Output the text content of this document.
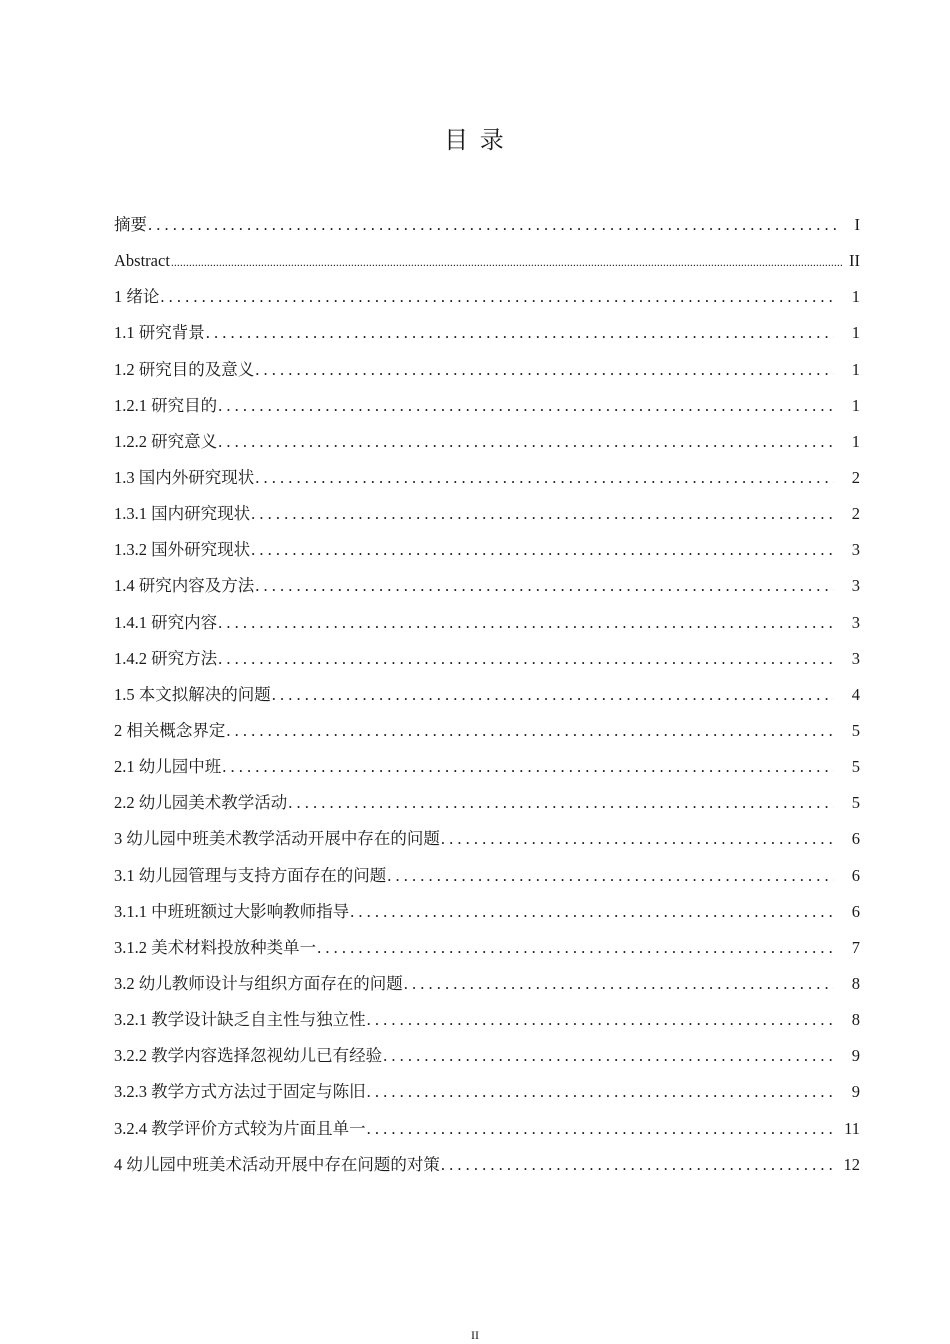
目 录
摘要 . . .	I
Abstract .....	II
1 绪论 . . .	1
1.1 研究背景 . . .	1
1.2 研究目的及意义 . . .	1
1.2.1 研究目的 . . .	1
1.2.2 研究意义 . . .	1
1.3 国内外研究现状 . . .	2
1.3.1 国内研究现状 . . .	2
1.3.2 国外研究现状 . . .	3
1.4 研究内容及方法 . . .	3
1.4.1 研究内容 . . .	3
1.4.2 研究方法 . . .	3
1.5 本文拟解决的问题 . . .	4
2 相关概念界定 . . .	5
2.1 幼儿园中班 . . .	5
2.2 幼儿园美术教学活动 . . .	5
3 幼儿园中班美术教学活动开展中存在的问题 . . .	6
3.1 幼儿园管理与支持方面存在的问题 . . .	6
3.1.1 中班班额过大影响教师指导 . . .	6
3.1.2 美术材料投放种类单一 . . .	7
3.2 幼儿教师设计与组织方面存在的问题 . . .	8
3.2.1 教学设计缺乏自主性与独立性 . . .	8
3.2.2 教学内容选择忽视幼儿已有经验 . . .	9
3.2.3 教学方式方法过于固定与陈旧 . . .	9
3.2.4 教学评价方式较为片面且单一 . . .	11
4 幼儿园中班美术活动开展中存在问题的对策 . . .	12
II
